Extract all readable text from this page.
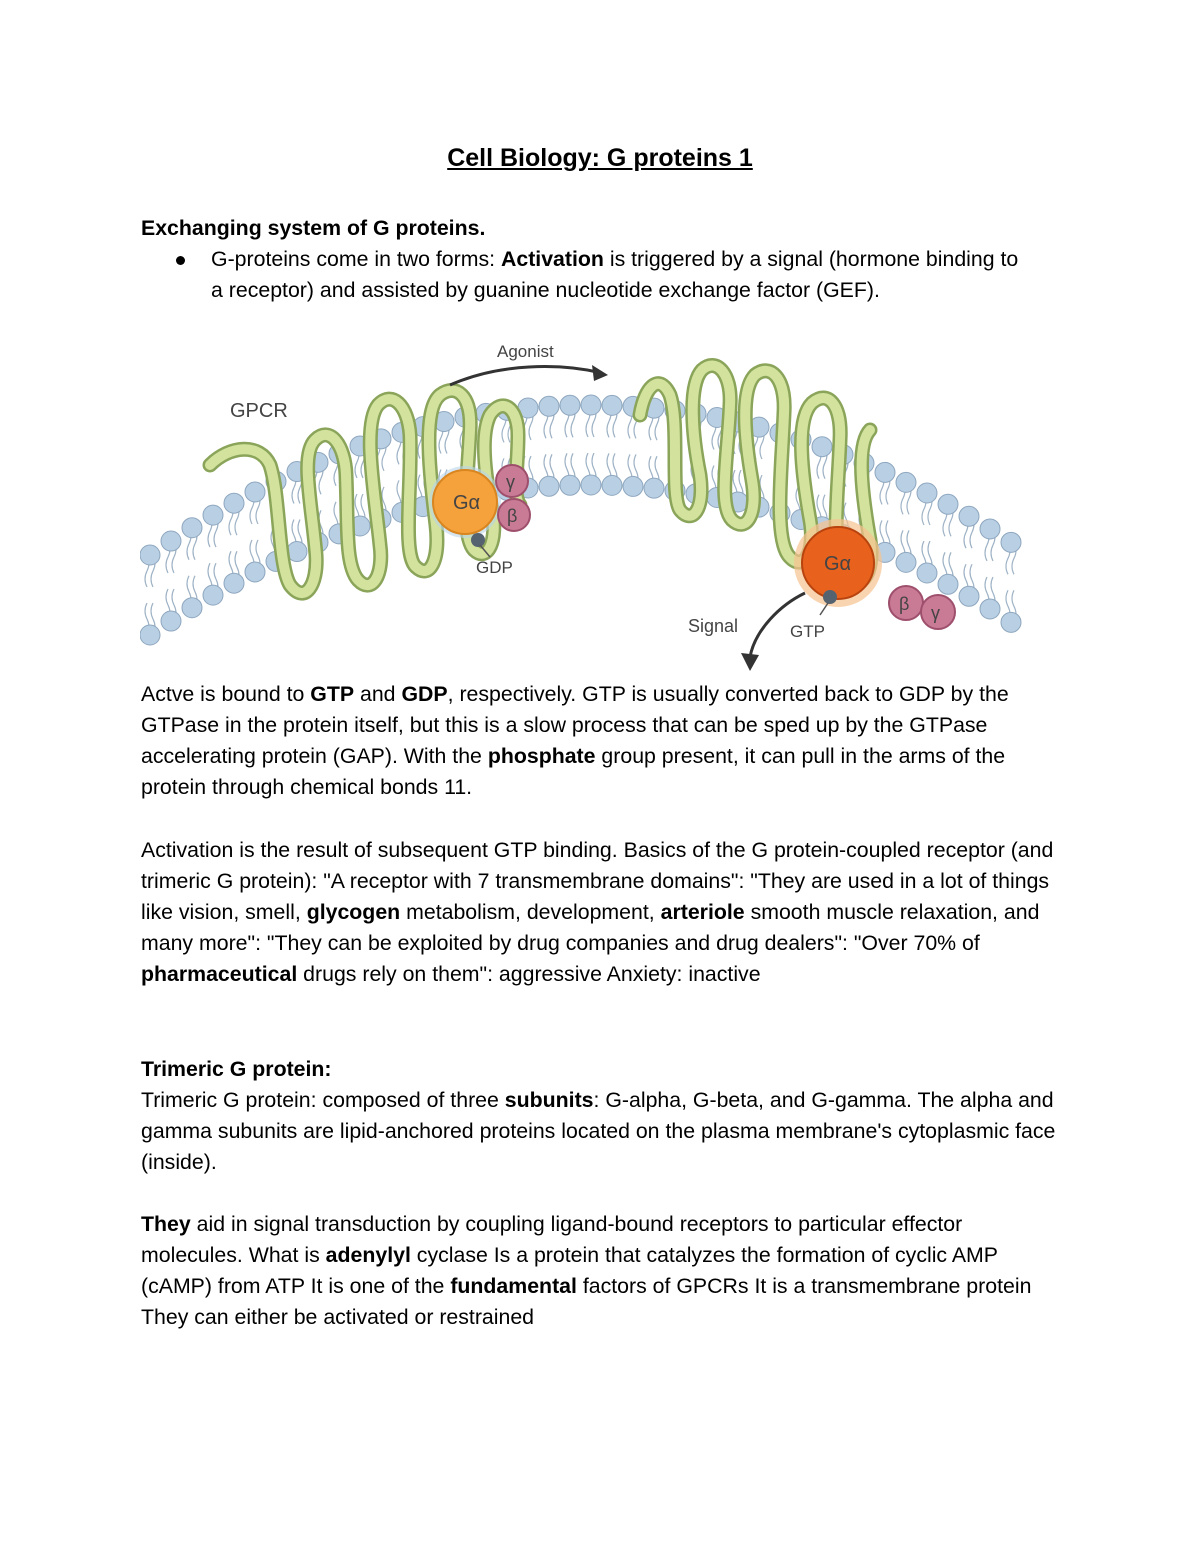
Cell Biology: G proteins 1

Exchanging system of G proteins.

G-proteins come in two forms: Activation is triggered by a signal (hormone binding to a receptor) and assisted by guanine nucleotide exchange factor (GEF).
Agonist
GPCR
Gα
γ
β
GDP	Gα
GTP
β γ
Signal

Actve is bound to GTP and GDP, respectively. GTP is usually converted back to GDP by the GTPase in the protein itself, but this is a slow process that can be sped up by the GTPase accelerating protein (GAP). With the phosphate group present, it can pull in the arms of the protein through chemical bonds 11.

Activation is the result of subsequent GTP binding. Basics of the G protein-coupled receptor (and trimeric G protein): "A receptor with 7 transmembrane domains": "They are used in a lot of things like vision, smell, glycogen metabolism, development, arteriole smooth muscle relaxation, and many more": "They can be exploited by drug companies and drug dealers": "Over 70% of pharmaceutical drugs rely on them": aggressive Anxiety: inactive

Trimeric G protein:

Trimeric G protein: composed of three subunits: G-alpha, G-beta, and G-gamma. The alpha and gamma subunits are lipid-anchored proteins located on the plasma membrane's cytoplasmic face (inside).

They aid in signal transduction by coupling ligand-bound receptors to particular effector molecules. What is adenylyl cyclase Is a protein that catalyzes the formation of cyclic AMP (cAMP) from ATP It is one of the fundamental factors of GPCRs It is a transmembrane protein They can either be activated or restrained
